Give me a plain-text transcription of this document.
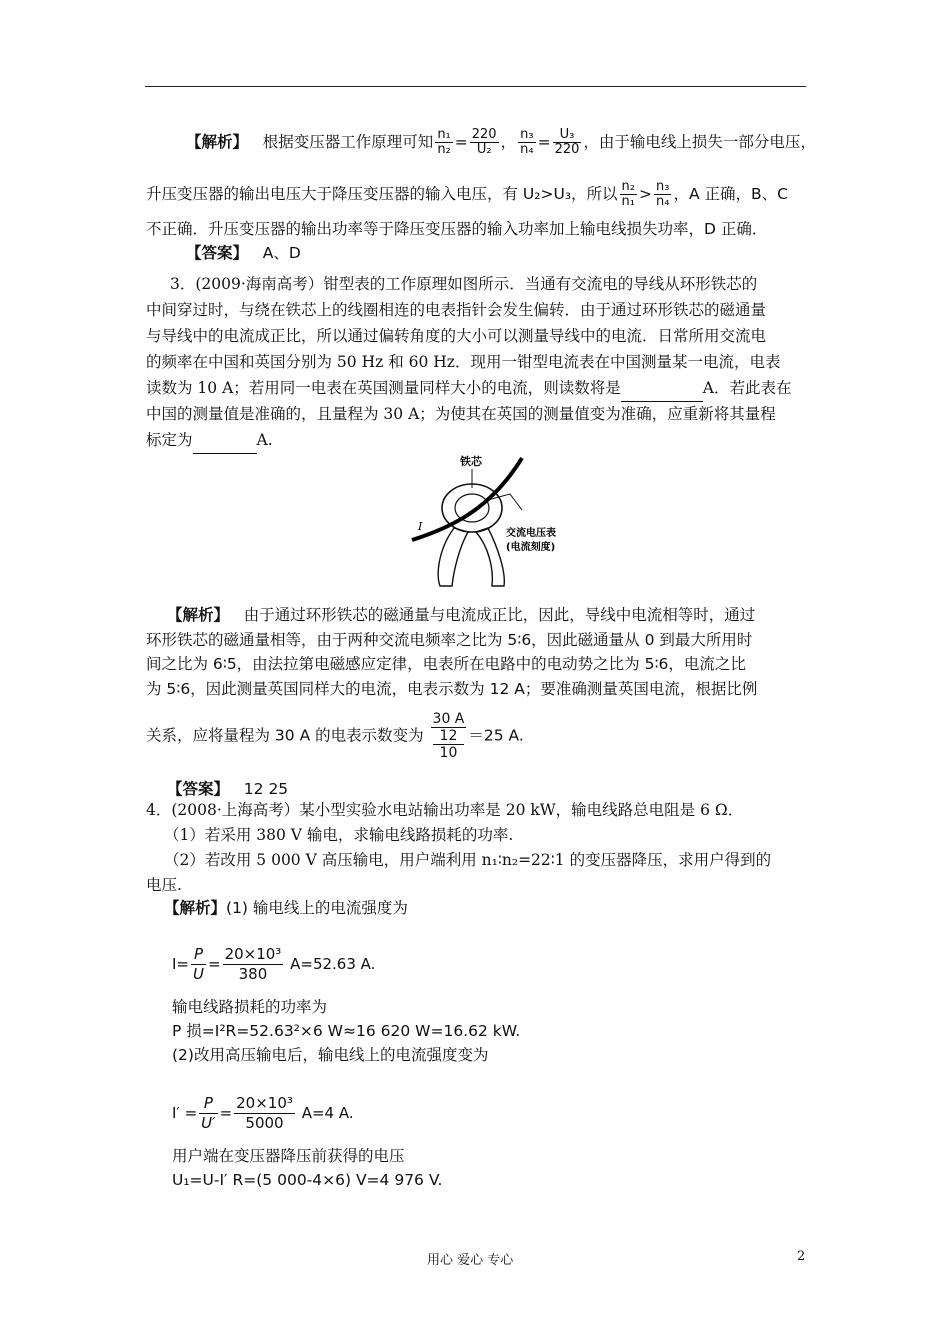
【解析】 根据变压器工作原理可知 $\frac{\text{n₁}}{\text{n₂}} = \frac{220}{\text{U₂}}$ ， $\frac{\text{n₃}}{\text{n₄}} = \frac{\text{U₃}}{220}$ ，由于输电线上损失一部分电压，
升压变压器的输出电压大于降压变压器的输入电压，有 U₂>U₃，所以 $\frac{\text{n₂}}{\text{n₁}} > \frac{\text{n₃}}{\text{n₄}}$ ，A 正确，B、C
不正确．升压变压器的输出功率等于降压变压器的输入功率加上输电线损失功率，D 正确．
【答案】 A、D
3．(2009·海南高考）钳型表的工作原理如图所示．当通有交流电的导线从环形铁芯的
中间穿过时，与绕在铁芯上的线圈相连的电表指针会发生偏转．由于通过环形铁芯的磁通量
与导线中的电流成正比，所以通过偏转角度的大小可以测量导线中的电流．日常所用交流电
的频率在中国和英国分别为 50 Hz 和 60 Hz．现用一钳型电流表在中国测量某一电流，电表
读数为 10 A；若用同一电表在英国测量同样大小的电流，则读数将是	A．若此表在
中国的测量值是准确的，且量程为 30 A；为使其在英国的测量值变为准确，应重新将其量程
标定为	A.
铁芯
I
交流电压表
(电流刻度)
【解析】 由于通过环形铁芯的磁通量与电流成正比，因此，导线中电流相等时，通过
环形铁芯的磁通量相等，由于两种交流电频率之比为 5∶6，因此磁通量从 0 到最大所用时
间之比为 6∶5，由法拉第电磁感应定律，电表所在电路中的电动势之比为 5∶6，电流之比
为 5∶6，因此测量英国同样大的电流，电表示数为 12 A；要准确测量英国电流，根据比例
关系，应将量程为 30 A 的电表示数变为 30 A
12
10 ＝25 A.
【答案】 12 25
4．(2008·上海高考）某小型实验水电站输出功率是 20 kW，输电线路总电阻是 6 Ω．
（1）若采用 380 V 输电，求输电线路损耗的功率.
（2）若改用 5 000 V 高压输电，用户端利用 n₁∶n₂=22∶1 的变压器降压，求用户得到的
电压.
【解析】(1) 输电线上的电流强度为
$I= \frac{P}{U} = \frac{\text{20×10³}}{380} A=52.63$ A.
输电线路损耗的功率为
P 损=I²R=52.63²×6 W≈16 620 W=16.62 kW.
(2)改用高压输电后，输电线上的电流强度变为
$I' = \frac{P}{U'} = \frac{\text{20×10³}}{5000} A=4$ A.
用户端在变压器降压前获得的电压
U₁=U-I′ R=(5 000-4×6) V=4 976 V.
用心 爱心 专心	2
